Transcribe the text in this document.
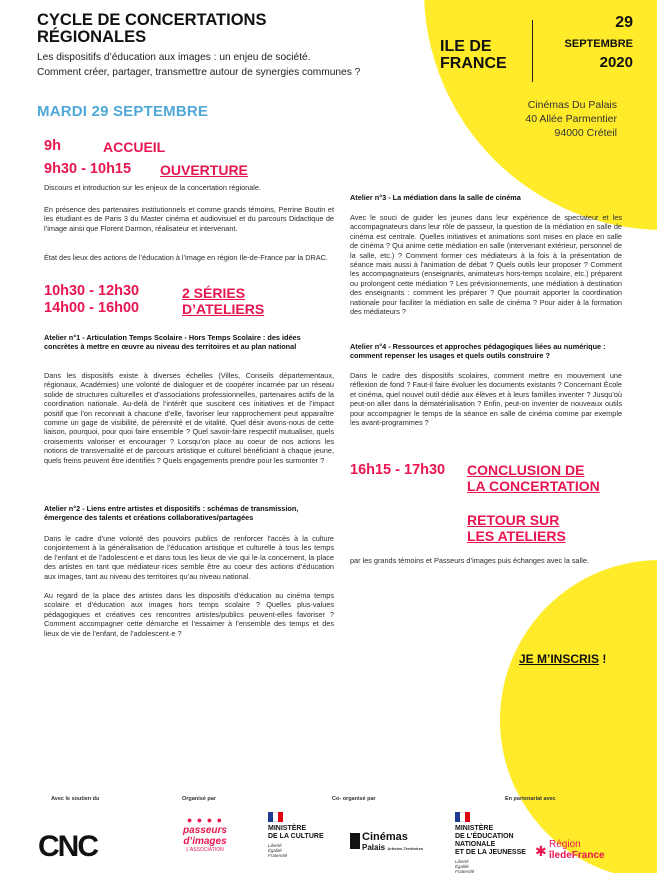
CYCLE DE CONCERTATIONS
RÉGIONALES
Les dispositifs d’éducation aux images : un enjeu de société.
Comment créer, partager, transmettre autour de synergies communes ?
ILE DE
FRANCE
29
SEPTEMBRE
2020
Cinémas Du Palais
40 Allée Parmentier
94000 Créteil
MARDI 29 SEPTEMBRE
9h	ACCUEIL
9h30 - 10h15 OUVERTURE
Discours et introduction sur les enjeux de la concertation régionale.
En présence des partenaires institutionnels et comme grands témoins, Perrine Boutin et les étudiant·es de Paris 3 du Master cinéma et audiovisuel et du parcours Didactique de l’image ainsi que Florent Darmon, réalisateur et intervenant.
État des lieux des actions de l’éducation à l’image en région Ile-de-France par la DRAC.
10h30 - 12h30
14h00 - 16h00
2 SÉRIES
D’ATELIERS
Atelier n°1 - Articulation Temps Scolaire - Hors Temps Scolaire : des idées concrètes à mettre en œuvre au niveau des territoires et au plan national
Dans les dispositifs existe à diverses échelles (Villes, Conseils départementaux, régionaux, Académies) une volonté de dialoguer et de coopérer incarnée par un réseau solide de structures culturelles et d’associations professionnelles, partenaires actifs de la coordination nationale. Au-delà de l’intérêt que suscitent ces initiatives et de l’impact positif que l’on reconnait à chacune d’elle, favoriser leur rapprochement peut apparaître comme un gage de visibilité, de pérennité et de vitalité. Quel désir avons-nous de cette liaison, pourquoi, pour quoi faire ensemble ? Quel savoir-faire respectif mutualiser, quels croisements valoriser et encourager ? Lorsqu’on place au coeur de nos actions les notions de transversalité et de parcours artistique et culturel bénéficiant à chaque jeune, quels freins peuvent être identifiés ? Quels engagements prendre pour les surmonter ?
Atelier n°2 - Liens entre artistes et dispositifs : schémas de transmission, émergence des talents et créations collaboratives/partagées
Dans le cadre d’une volonté des pouvoirs publics de renforcer l’accès à la culture conjointement à la généralisation de l’éducation artistique et culturelle à tous les temps de l’enfant et de l’adolescent·e et dans tous les lieux de vie qui le·la concernent, la place des artistes en tant que médiateur·rices semble être au coeur des actions d’éducation aux images, tant au niveau des territoires qu’au niveau national.
Au regard de la place des artistes dans les dispositifs d’éducation au cinéma temps scolaire et d’éducation aux images hors temps scolaire ? Quelles plus-values pédagogiques et créatives ces rencontres artistes/publics peuvent-elles favoriser ? Comment accompagner cette démarche et l’essaimer à l’ensemble des temps et des lieux de vie de l’enfant, de l’adolescent·e ?
Atelier n°3 - La médiation dans la salle de cinéma
Avec le souci de guider les jeunes dans leur expérience de spectateur et les accompagnateurs dans leur rôle de passeur, la question de la médiation en salle de cinéma est centrale. Quelles initiatives et animations sont mises en place en salle de cinéma ? Qui anime cette médiation en salle (intervenant extérieur, personnel de la salle, etc.) ? Comment former ces médiateurs à la fois à la présentation de séance mais aussi à l’animation de débat ? Quels outils leur proposer ? Comment les accompagnateurs (enseignants, animateurs hors-temps scolaire, etc.) préparent ou prolongent cette médiation ? Les prévisionnements, une médiation à destination des enseignants : comment les préparer ? Que pourrait apporter la coordination nationale pour faciliter la médiation en salle de cinéma ? Pour aider à la formation des médiateurs ?
Atelier n°4 - Ressources et approches pédagogiques liées au numérique : comment repenser les usages et quels outils construire ?
Dans le cadre des dispositifs scolaires, comment mettre en mouvement une réflexion de fond ? Faut-il faire évoluer les documents existants ? Concernant École et cinéma, quel nouvel outil dédié aux élèves et à leurs familles inventer ? Jusqu’où peut-on aller dans la dématérialisation ? Enfin, peut-on inventer de nouveaux outils pour accompagner le temps de la séance en salle de cinéma comme par exemple les avant-programmes ?
16h15 - 17h30 CONCLUSION DE
LA CONCERTATION
RETOUR SUR
LES ATELIERS
par les grands témoins et Passeurs d’images puis échanges avec la salle.
JE M’INSCRIS !
Avec le soutien du	Organisé par	Co- organisé par	En partenariat avec
CNC
● ● ● ●
passeurs
d’images
L’ASSOCIATION
MINISTÈRE
DE LA CULTURE
Liberté
Égalité
Fraternité
Cinémas
Palais Artistes-Territoires
MINISTÈRE
DE L’ÉDUCATION
NATIONALE
ET DE LA JEUNESSE
Liberté
Égalité
Fraternité
✱ Région
îledeFrance
